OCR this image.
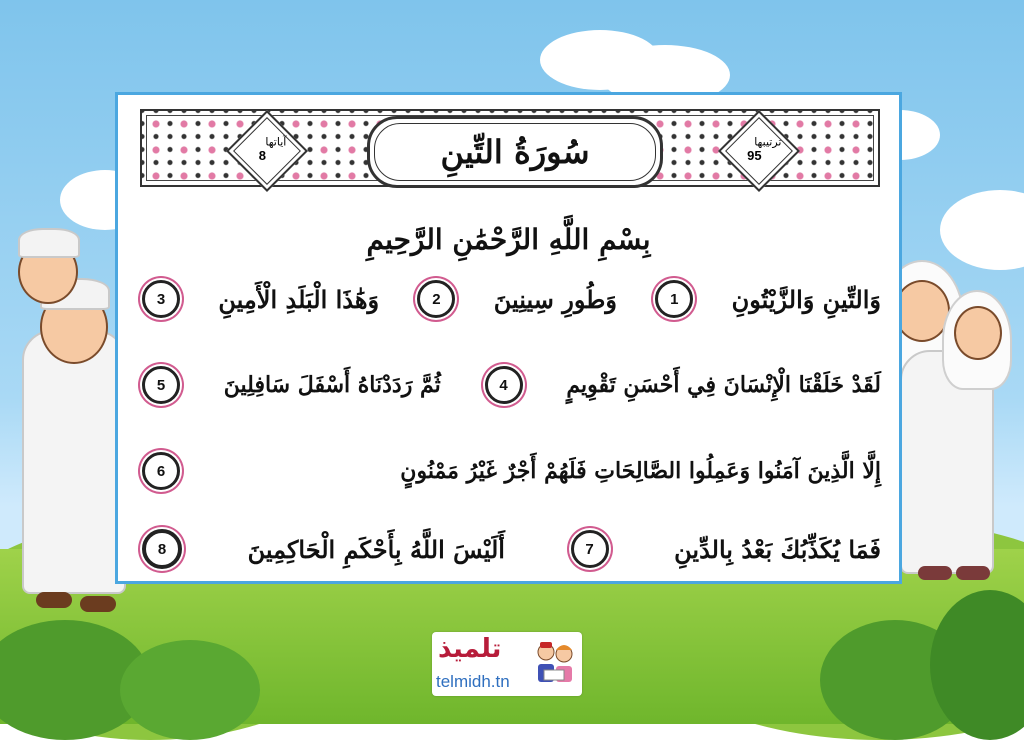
آياتها
8	سُورَةُ التِّينِ	ترتيبها
95
بِسْمِ اللَّهِ الرَّحْمَٰنِ الرَّحِيمِ
وَالتِّينِ وَالزَّيْتُونِ
1
وَطُورِ سِينِينَ
2
وَهَٰذَا الْبَلَدِ الْأَمِينِ
3
لَقَدْ خَلَقْنَا الْإِنْسَانَ فِي أَحْسَنِ تَقْوِيمٍ
4
ثُمَّ رَدَدْنَاهُ أَسْفَلَ سَافِلِينَ
5
إِلَّا الَّذِينَ آمَنُوا وَعَمِلُوا الصَّالِحَاتِ فَلَهُمْ أَجْرٌ غَيْرُ مَمْنُونٍ
6
فَمَا يُكَذِّبُكَ بَعْدُ بِالدِّينِ
7
أَلَيْسَ اللَّهُ بِأَحْكَمِ الْحَاكِمِينَ
8
تلميذ
telmidh.tn
